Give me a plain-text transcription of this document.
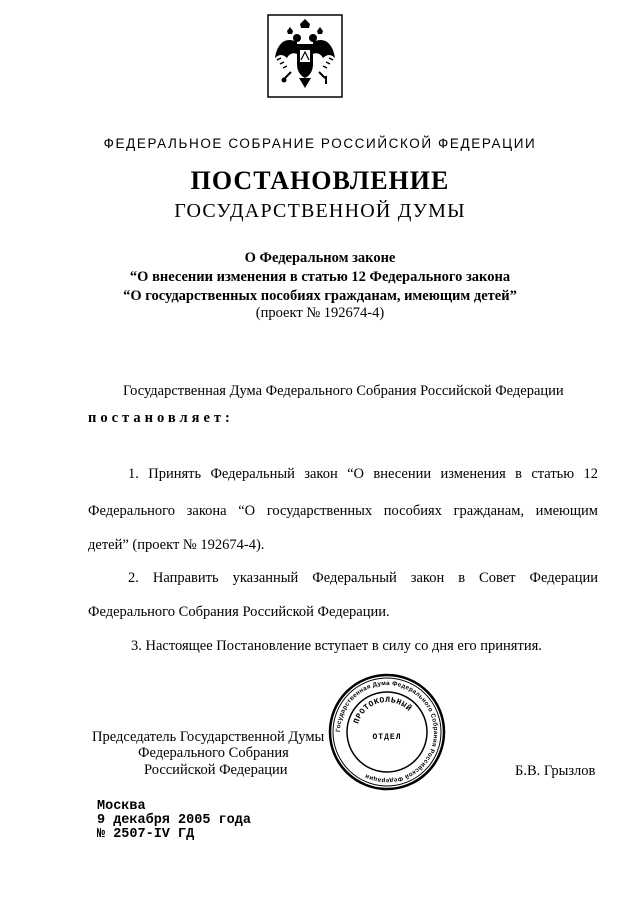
ФЕДЕРАЛЬНОЕ СОБРАНИЕ РОССИЙСКОЙ ФЕДЕРАЦИИ
ПОСТАНОВЛЕНИЕ
ГОСУДАРСТВЕННОЙ ДУМЫ
О Федеральном законе
“О внесении изменения в статью 12 Федерального закона
“О государственных пособиях гражданам, имеющим детей”
(проект № 192674-4)
Государственная Дума Федерального Собрания Российской Федерации
постановляет:
1. Принять Федеральный закон “О внесении изменения в статью 12
Федерального закона “О государственных пособиях гражданам, имеющим
детей” (проект № 192674-4).
2. Направить указанный Федеральный закон в Совет Федерации
Федерального Собрания Российской Федерации.
3. Настоящее Постановление вступает в силу со дня его принятия.
Председатель Государственной Думы
Федерального Собрания
Российской Федерации	Б.В. Грызлов
Государственная Дума Федерального Собрания Российской Федерации
ПРОТОКОЛЬНЫЙ
ОТДЕЛ
Москва
9 декабря 2005 года
№ 2507-IV ГД
